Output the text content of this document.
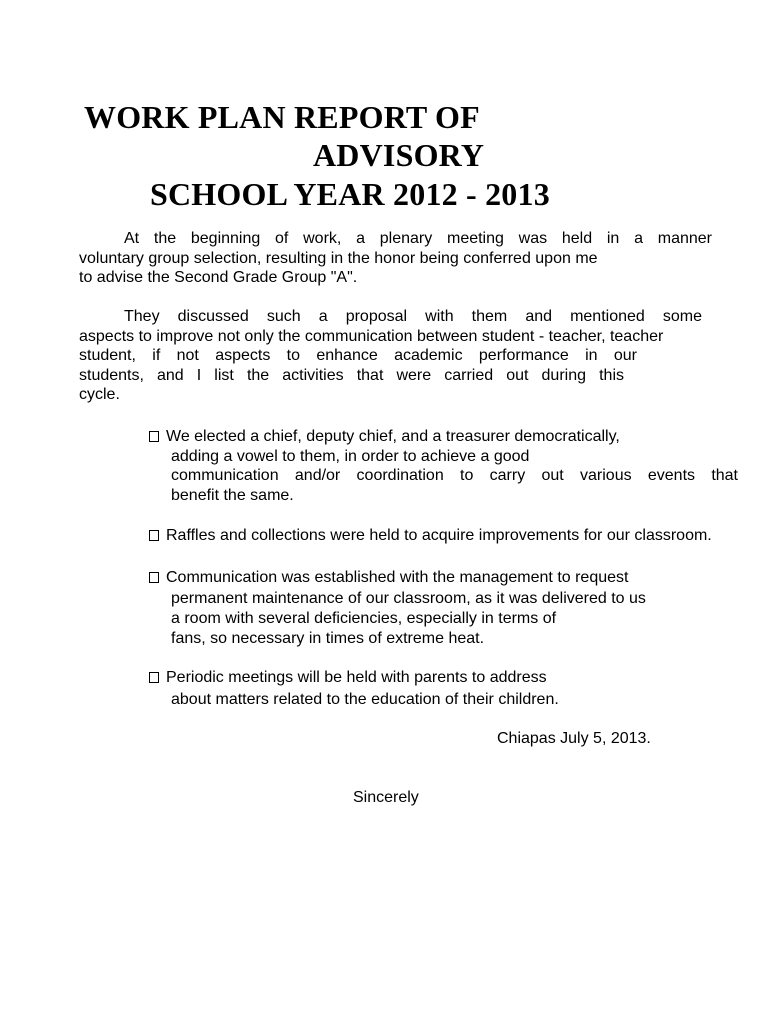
WORK PLAN REPORT OF
ADVISORY
SCHOOL YEAR 2012 - 2013
At the beginning of work, a plenary meeting was held in a manner
voluntary group selection, resulting in the honor being conferred upon me
to advise the Second Grade Group "A".
They discussed such a proposal with them and mentioned some
aspects to improve not only the communication between student - teacher, teacher
student, if not aspects to enhance academic performance in our
students, and I list the activities that were carried out during this
cycle.
We elected a chief, deputy chief, and a treasurer democratically,
adding a vowel to them, in order to achieve a good
communication and/or coordination to carry out various events that
benefit the same.
Raffles and collections were held to acquire improvements for our classroom.
Communication was established with the management to request
permanent maintenance of our classroom, as it was delivered to us
a room with several deficiencies, especially in terms of
fans, so necessary in times of extreme heat.
Periodic meetings will be held with parents to address
about matters related to the education of their children.
Chiapas July 5, 2013.
Sincerely
